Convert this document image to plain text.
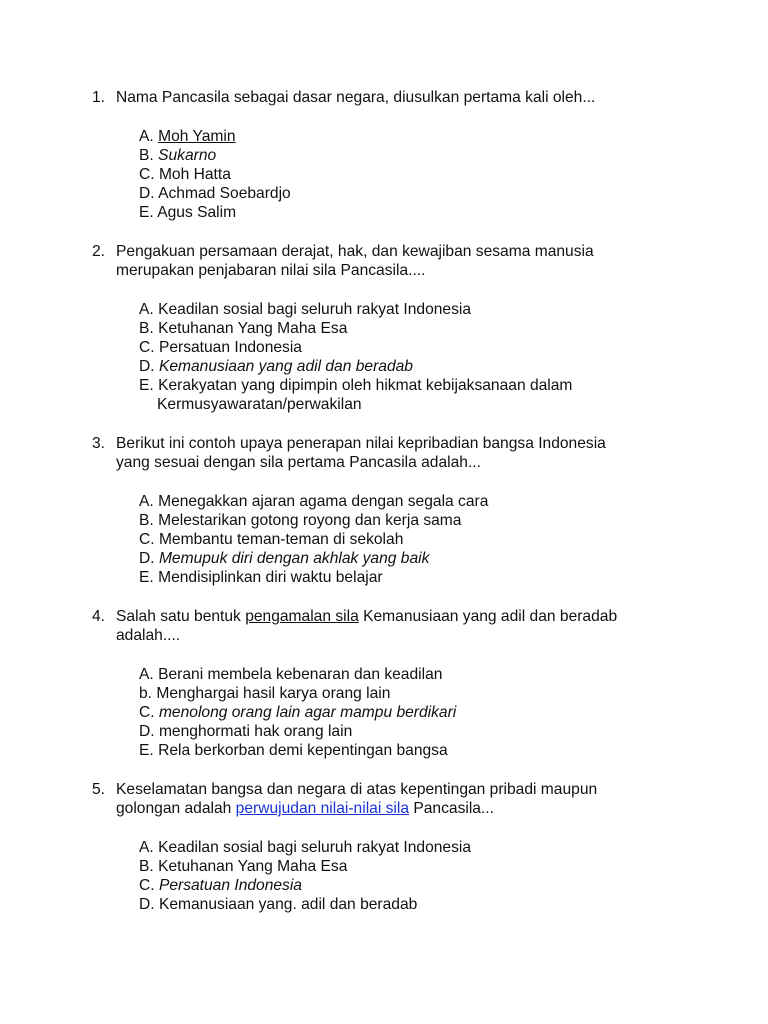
1. Nama Pancasila sebagai dasar negara, diusulkan pertama kali oleh...
A. Moh Yamin
B. Sukarno
C. Moh Hatta
D. Achmad Soebardjo
E. Agus Salim
2. Pengakuan persamaan derajat, hak, dan kewajiban sesama manusia
merupakan penjabaran nilai sila Pancasila....
A. Keadilan sosial bagi seluruh rakyat Indonesia
B. Ketuhanan Yang Maha Esa
C. Persatuan Indonesia
D. Kemanusiaan yang adil dan beradab
E. Kerakyatan yang dipimpin oleh hikmat kebijaksanaan dalam
Kermusyawaratan/perwakilan
3. Berikut ini contoh upaya penerapan nilai kepribadian bangsa Indonesia
yang sesuai dengan sila pertama Pancasila adalah...
A. Menegakkan ajaran agama dengan segala cara
B. Melestarikan gotong royong dan kerja sama
C. Membantu teman-teman di sekolah
D. Memupuk diri dengan akhlak yang baik
E. Mendisiplinkan diri waktu belajar
4. Salah satu bentuk pengamalan sila Kemanusiaan yang adil dan beradab
adalah....
A. Berani membela kebenaran dan keadilan
b. Menghargai hasil karya orang lain
C. menolong orang lain agar mampu berdikari
D. menghormati hak orang lain
E. Rela berkorban demi kepentingan bangsa
5. Keselamatan bangsa dan negara di atas kepentingan pribadi maupun
golongan adalah perwujudan nilai-nilai sila Pancasila...
A. Keadilan sosial bagi seluruh rakyat Indonesia
B. Ketuhanan Yang Maha Esa
C. Persatuan Indonesia
D. Kemanusiaan yang. adil dan beradab
